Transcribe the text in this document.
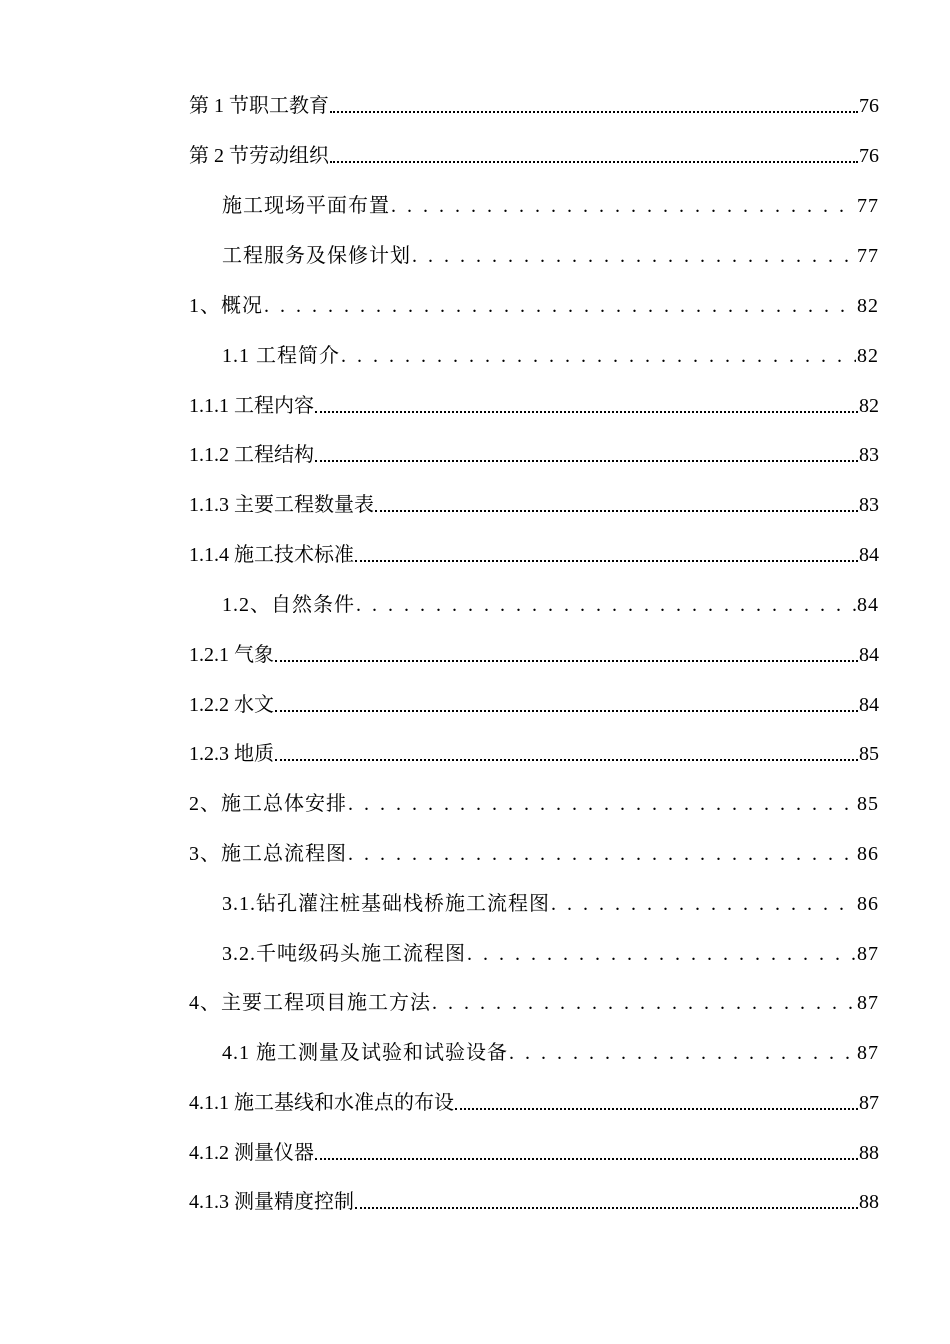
第 1 节职工教育	76
第 2 节劳动组织	76
施工现场平面布置 . . .	77
工程服务及保修计划 . . .	77
1、概况 . . .	82
1.1 工程简介 . . .	82
1.1.1 工程内容	82
1.1.2 工程结构	83
1.1.3 主要工程数量表	83
1.1.4 施工技术标准	84
1.2、自然条件 . . .	84
1.2.1 气象	84
1.2.2 水文	84
1.2.3 地质	85
2、施工总体安排 . . .	85
3、施工总流程图 . . .	86
3.1.钻孔灌注桩基础栈桥施工流程图 . . .	86
3.2.千吨级码头施工流程图 . . .	87
4、主要工程项目施工方法 . . .	87
4.1 施工测量及试验和试验设备 . . .	87
4.1.1 施工基线和水准点的布设	87
4.1.2 测量仪器	88
4.1.3 测量精度控制	88
